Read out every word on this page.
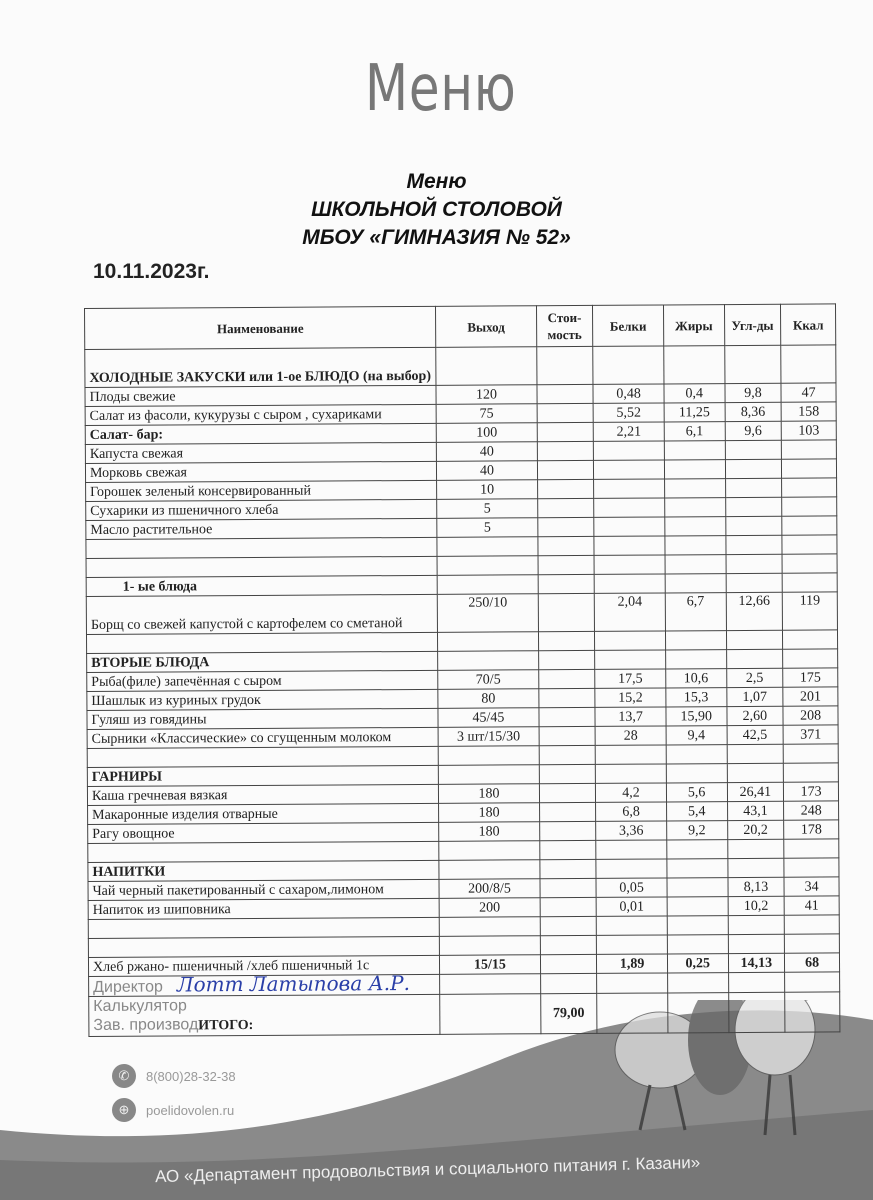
Меню
Меню
ШКОЛЬНОЙ СТОЛОВОЙ
МБОУ «ГИМНАЗИЯ № 52»
10.11.2023г.
Наименование	Выход	Стои-мость	Белки	Жиры	Угл-ды	Ккал
ХОЛОДНЫЕ ЗАКУСКИ или 1-ое БЛЮДО (на выбор)						
Плоды свежие	120		0,48	0,4	9,8	47
Салат из фасоли, кукурузы с сыром , сухариками	75		5,52	11,25	8,36	158
Салат- бар:	100		2,21	6,1	9,6	103
Капуста свежая	40					
Морковь свежая	40					
Горошек зеленый консервированный	10					
Сухарики из пшеничного хлеба	5					
Масло растительное	5					

1- ые блюда						
Борщ со свежей капустой с картофелем со сметаной	250/10		2,04	6,7	12,66	119

ВТОРЫЕ БЛЮДА						
Рыба(филе) запечённая с сыром	70/5		17,5	10,6	2,5	175
Шашлык из куриных грудок	80		15,2	15,3	1,07	201
Гуляш из говядины	45/45		13,7	15,90	2,60	208
Сырники «Классические» со сгущенным молоком	3 шт/15/30		28	9,4	42,5	371

ГАРНИРЫ						
Каша гречневая вязкая	180		4,2	5,6	26,41	173
Макаронные изделия отварные	180		6,8	5,4	43,1	248
Рагу овощное	180		3,36	9,2	20,2	178

НАПИТКИ						
Чай черный пакетированный с сахаром,лимоном	200/8/5		0,05		8,13	34
Напиток из шиповника	200		0,01		10,2	41

Хлеб ржано- пшеничный /хлеб пшеничный 1с	15/15		1,89	0,25	14,13	68
Директор Лотт Латыпова А.Р.						

Калькулятор
Зав. производИТОГО:		79,00				
✆	8(800)28-32-38
⊕	poelidovolen.ru
АО «Департамент продовольствия и социального питания г. Казани»
